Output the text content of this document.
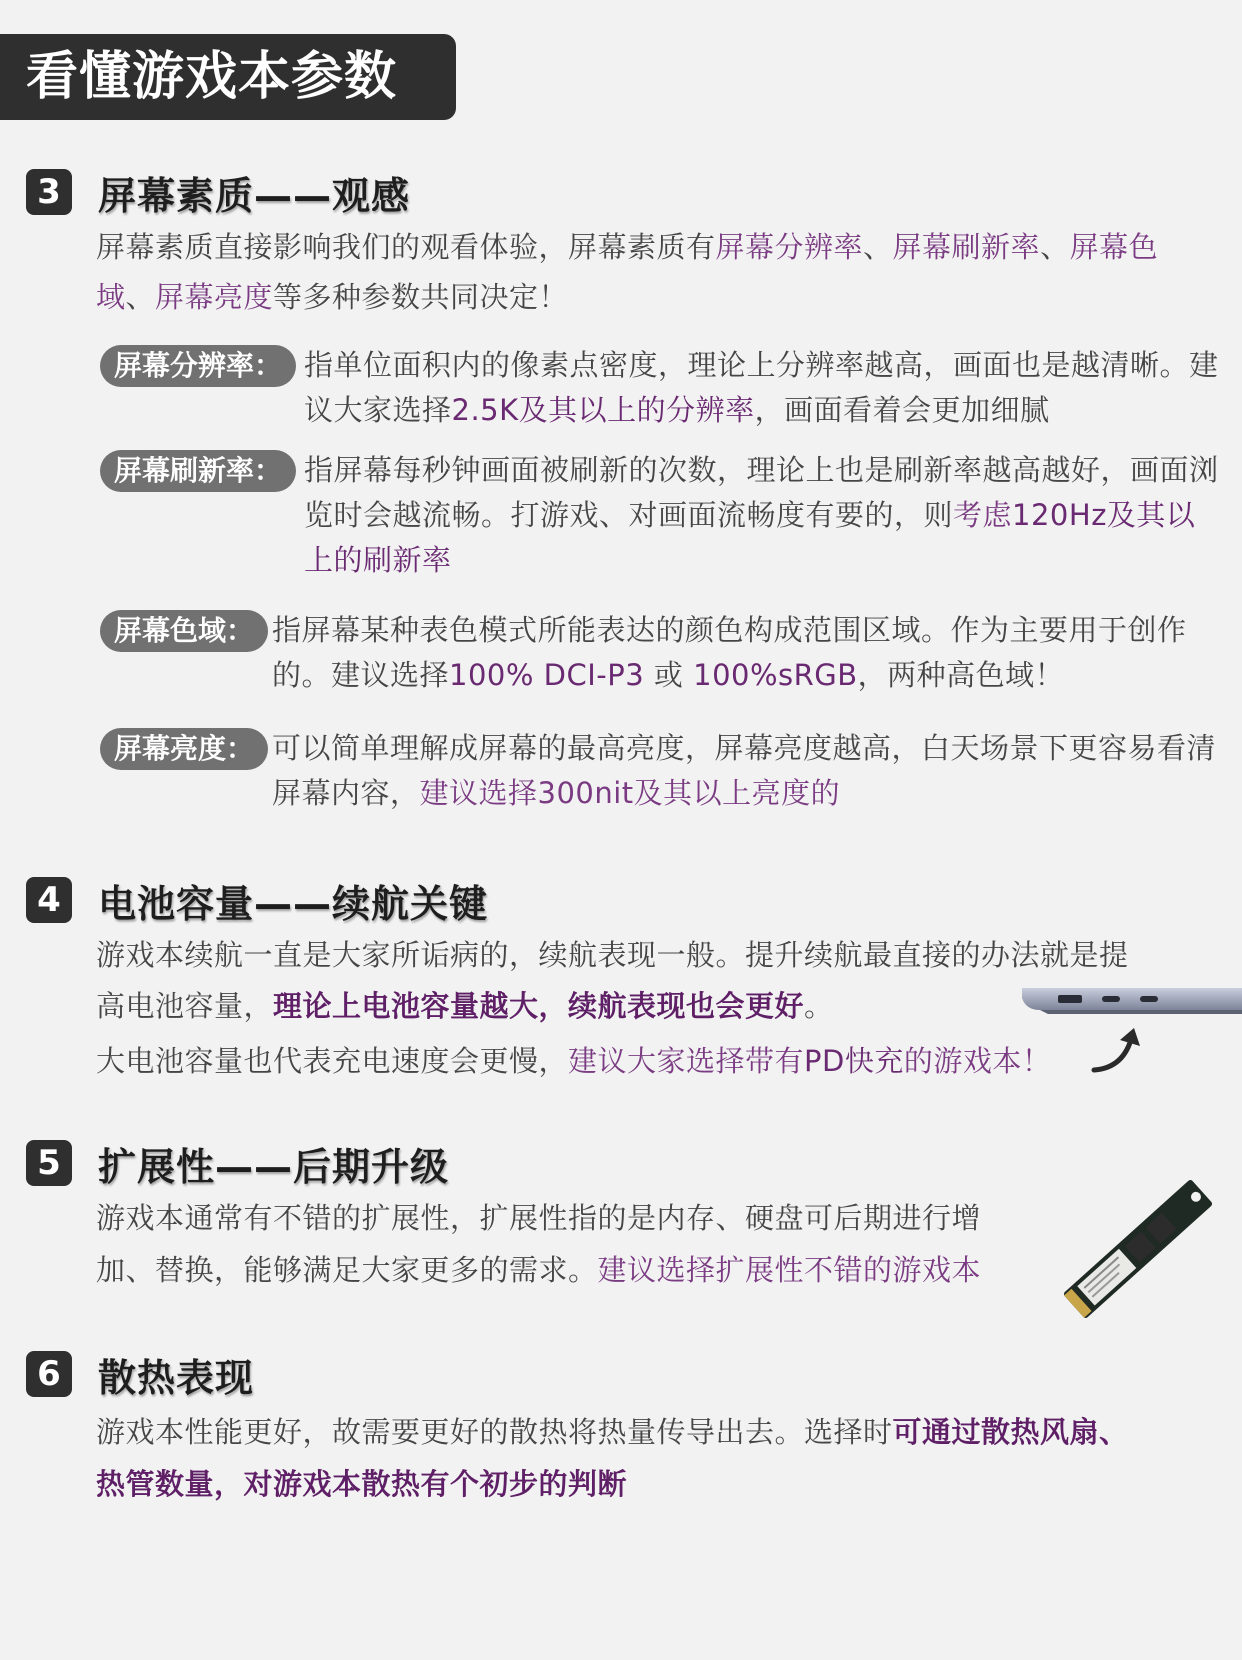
看懂游戏本参数
3 屏幕素质——观感
屏幕素质直接影响我们的观看体验，屏幕素质有屏幕分辨率、屏幕刷新率、屏幕色域、屏幕亮度等多种参数共同决定！
屏幕分辨率： 指单位面积内的像素点密度，理论上分辨率越高，画面也是越清晰。建议大家选择2.5K及其以上的分辨率，画面看着会更加细腻
屏幕刷新率： 指屏幕每秒钟画面被刷新的次数，理论上也是刷新率越高越好，画面浏览时会越流畅。打游戏、对画面流畅度有要的，则考虑120Hz及其以上的刷新率
屏幕色域： 指屏幕某种表色模式所能表达的颜色构成范围区域。作为主要用于创作的。建议选择100% DCI-P3 或 100%sRGB，两种高色域！
屏幕亮度： 可以简单理解成屏幕的最高亮度，屏幕亮度越高，白天场景下更容易看清屏幕内容，建议选择300nit及其以上亮度的
4 电池容量——续航关键
游戏本续航一直是大家所诟病的，续航表现一般。提升续航最直接的办法就是提
高电池容量，理论上电池容量越大，续航表现也会更好。
大电池容量也代表充电速度会更慢，建议大家选择带有PD快充的游戏本！
5 扩展性——后期升级
游戏本通常有不错的扩展性，扩展性指的是内存、硬盘可后期进行增
加、替换，能够满足大家更多的需求。建议选择扩展性不错的游戏本
6 散热表现
游戏本性能更好，故需要更好的散热将热量传导出去。选择时可通过散热风扇、
热管数量，对游戏本散热有个初步的判断
